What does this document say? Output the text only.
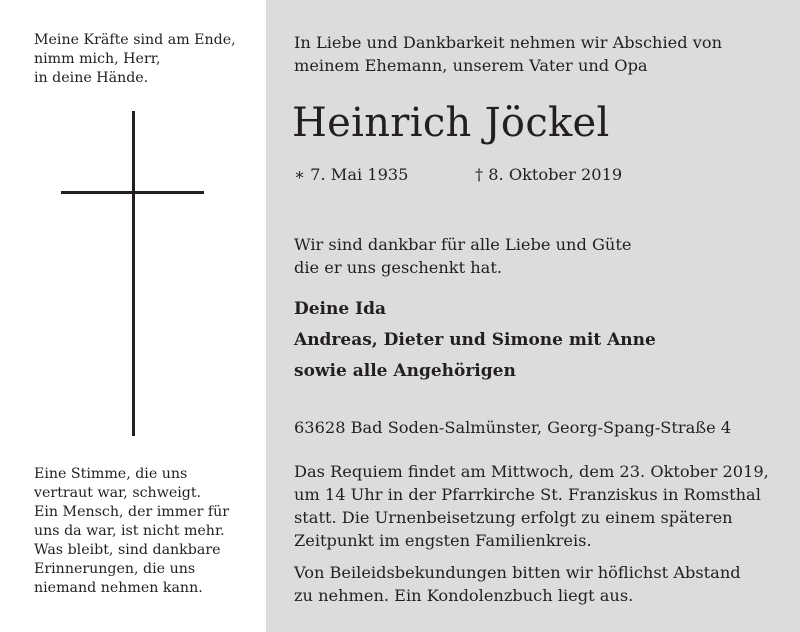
Meine Kräfte sind am Ende,
nimm mich, Herr,
in deine Hände.
Eine Stimme, die uns
vertraut war, schweigt.
Ein Mensch, der immer für
uns da war, ist nicht mehr.
Was bleibt, sind dankbare
Erinnerungen, die uns
niemand nehmen kann.
In Liebe und Dankbarkeit nehmen wir Abschied von
meinem Ehemann, unserem Vater und Opa
Heinrich Jöckel
∗ 7. Mai 1935	† 8. Oktober 2019
Wir sind dankbar für alle Liebe und Güte
die er uns geschenkt hat.
Deine Ida
Andreas, Dieter und Simone mit Anne
sowie alle Angehörigen
63628 Bad Soden-Salmünster, Georg-Spang-Straße 4
Das Requiem findet am Mittwoch, dem 23. Oktober 2019,
um 14 Uhr in der Pfarrkirche St. Franziskus in Romsthal
statt. Die Urnenbeisetzung erfolgt zu einem späteren
Zeitpunkt im engsten Familienkreis.
Von Beileidsbekundungen bitten wir höflichst Abstand
zu nehmen. Ein Kondolenzbuch liegt aus.
